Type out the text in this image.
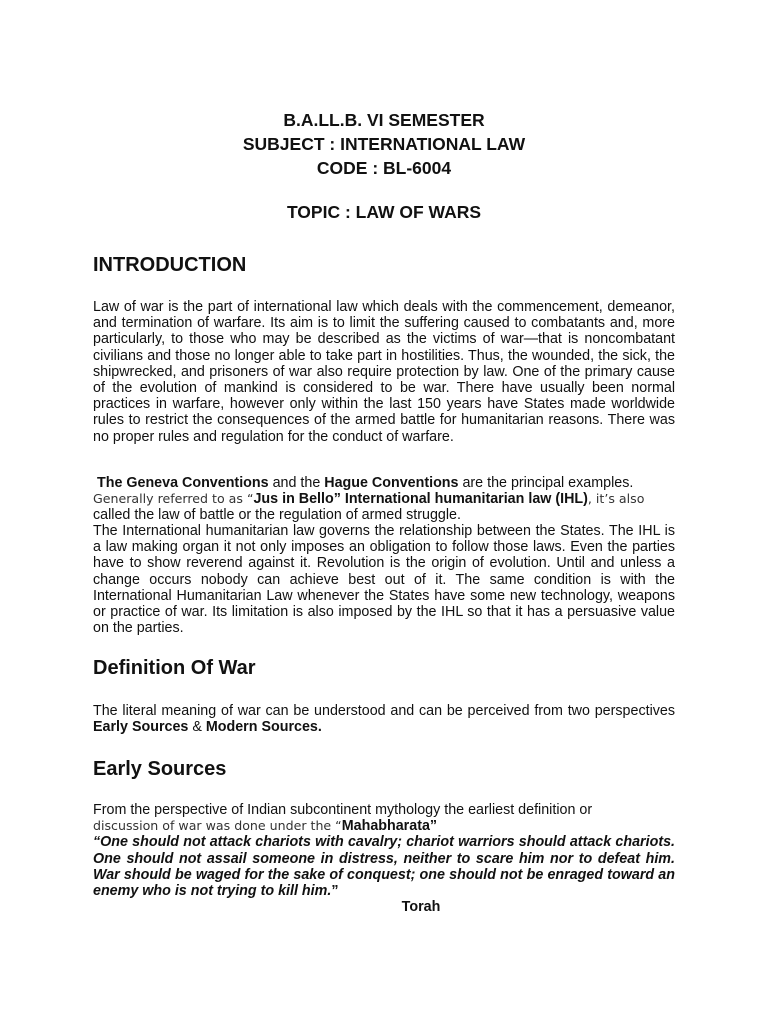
B.A.LL.B. VI SEMESTER
SUBJECT : INTERNATIONAL LAW
CODE : BL-6004
TOPIC : LAW OF WARS
INTRODUCTION
Law of war is the part of international law which deals with the commencement, demeanor, and termination of warfare. Its aim is to limit the suffering caused to combatants and, more particularly, to those who may be described as the victims of war—that is noncombatant civilians and those no longer able to take part in hostilities. Thus, the wounded, the sick, the shipwrecked, and prisoners of war also require protection by law. One of the primary cause of the evolution of mankind is considered to be war. There have usually been normal practices in warfare, however only within the last 150 years have States made worldwide rules to restrict the consequences of the armed battle for humanitarian reasons. There was no proper rules and regulation for the conduct of warfare.
The Geneva Conventions and the Hague Conventions are the principal examples.
Generally referred to as “Jus in Bello” International humanitarian law (IHL), it’s also
called the law of battle or the regulation of armed struggle.
The International humanitarian law governs the relationship between the States. The IHL is a law making organ it not only imposes an obligation to follow those laws. Even the parties have to show reverend against it. Revolution is the origin of evolution. Until and unless a change occurs nobody can achieve best out of it. The same condition is with the International Humanitarian Law whenever the States have some new technology, weapons or practice of war. Its limitation is also imposed by the IHL so that it has a persuasive value on the parties.
Definition Of War
The literal meaning of war can be understood and can be perceived from two perspectives Early Sources & Modern Sources.
Early Sources
From the perspective of Indian subcontinent mythology the earliest definition or
discussion of war was done under the “Mahabharata”
“One should not attack chariots with cavalry; chariot warriors should attack chariots. One should not assail someone in distress, neither to scare him nor to defeat him. War should be waged for the sake of conquest; one should not be enraged toward an enemy who is not trying to kill him.”
Torah
